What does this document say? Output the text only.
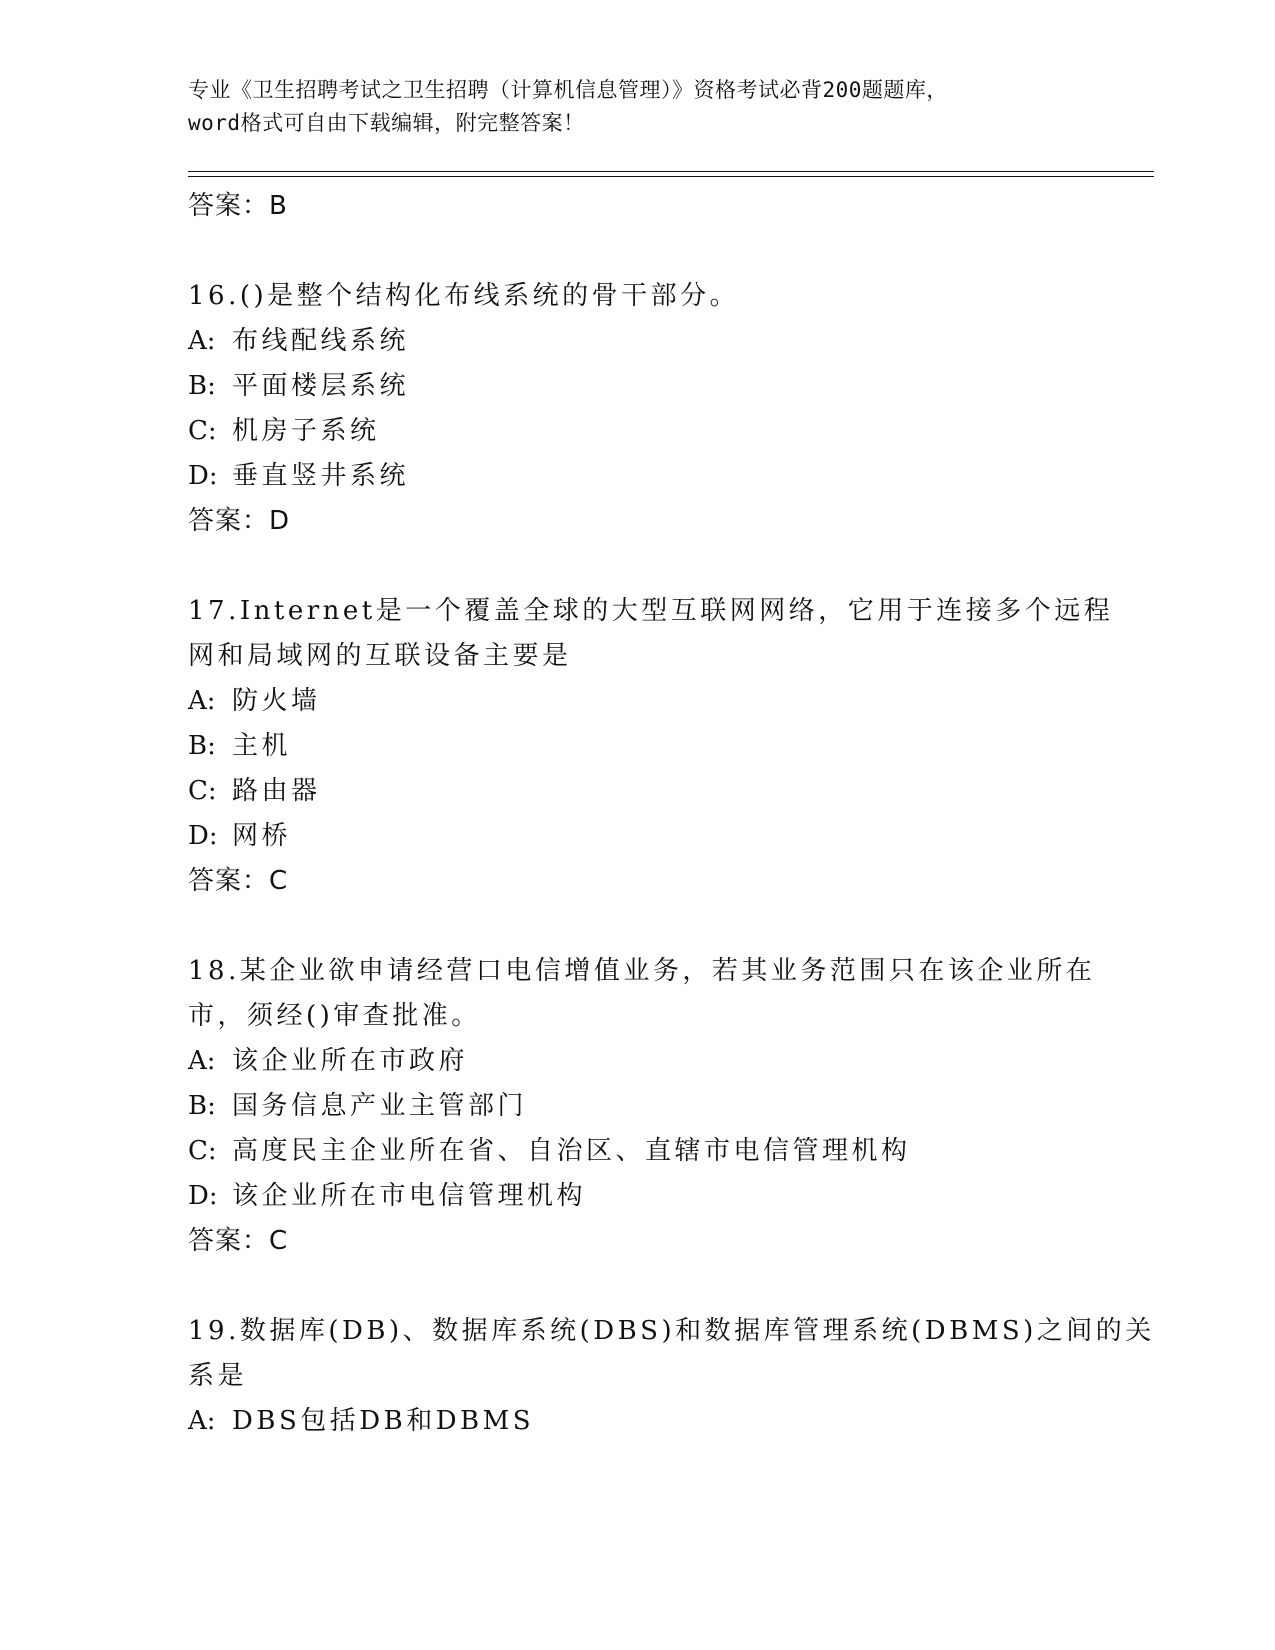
专业《卫生招聘考试之卫生招聘（计算机信息管理）》资格考试必背200题题库，
word格式可自由下载编辑，附完整答案！
答案：B
16.()是整个结构化布线系统的骨干部分。
A: 布线配线系统
B: 平面楼层系统
C: 机房子系统
D: 垂直竖井系统
答案：D
17.Internet是一个覆盖全球的大型互联网网络，它用于连接多个远程
网和局域网的互联设备主要是
A: 防火墙
B: 主机
C: 路由器
D: 网桥
答案：C
18.某企业欲申请经营口电信增值业务，若其业务范围只在该企业所在
市，须经()审查批准。
A: 该企业所在市政府
B: 国务信息产业主管部门
C: 高度民主企业所在省、自治区、直辖市电信管理机构
D: 该企业所在市电信管理机构
答案：C
19.数据库(DB)、数据库系统(DBS)和数据库管理系统(DBMS)之间的关
系是
A: DBS包括DB和DBMS
